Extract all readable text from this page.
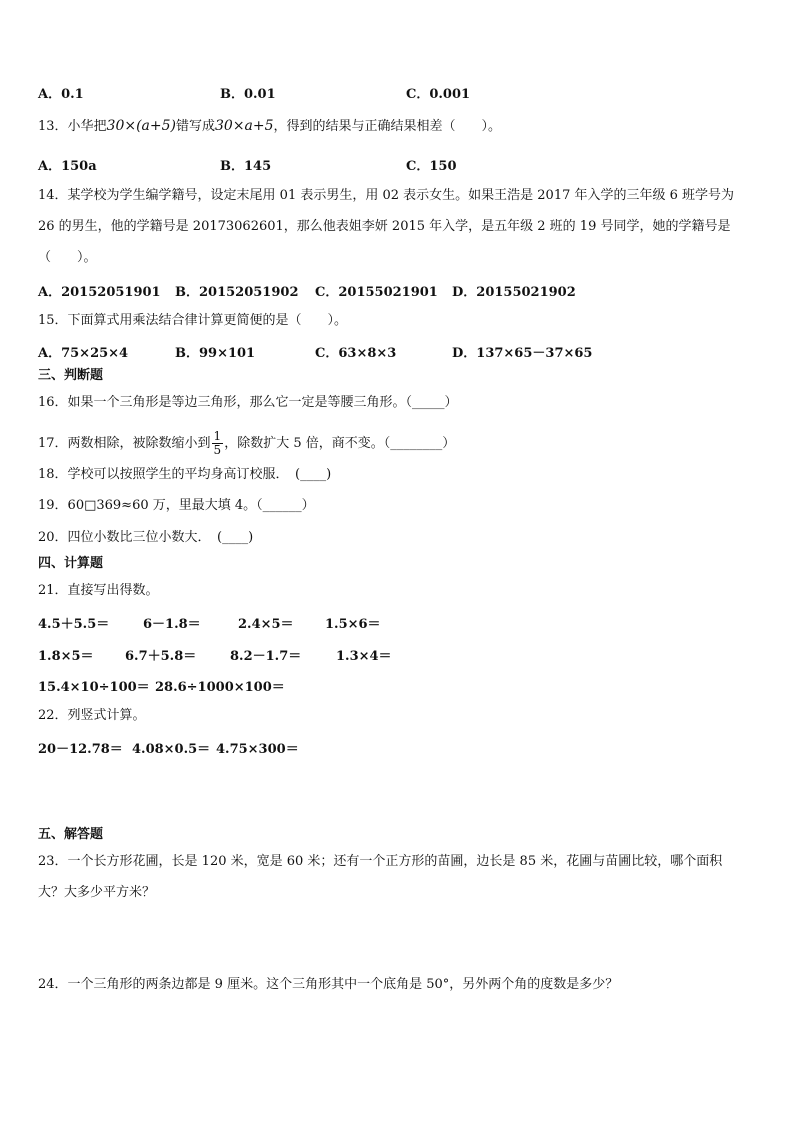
A．0.1	B．0.01	C．0.001
13．小华把30×(a+5)错写成30×a+5，得到的结果与正确结果相差（　　）。
A．150a	B．145	C．150
14．某学校为学生编学籍号，设定末尾用 01 表示男生，用 02 表示女生。如果王浩是 2017 年入学的三年级 6 班学号为
26 的男生，他的学籍号是 20173062601，那么他表姐李妍 2015 年入学，是五年级 2 班的 19 号同学，她的学籍号是
（　　）。
A．20152051901 B．20152051902 C．20155021901 D．20155021902
15．下面算式用乘法结合律计算更简便的是（　　）。
A．75×25×4	B．99×101	C．63×8×3	D．137×65－37×65
三、判断题
16．如果一个三角形是等边三角形，那么它一定是等腰三角形。（_____）
17．两数相除，被除数缩小到 $\frac{1}{5}$ ，除数扩大 5 倍，商不变。（________）
18．学校可以按照学生的平均身高订校服．　(____)
19．60□369≈60 万，里最大填 4。（______）
20．四位小数比三位小数大．　(____)
四、计算题
21．直接写出得数。
4.5＋5.5＝	6－1.8＝	2.4×5＝ 1.5×6＝
1.8×5＝ 6.7＋5.8＝	8.2－1.7＝	1.3×4＝
15.4×10÷100＝ 28.6÷1000×100＝
22．列竖式计算。
20－12.78＝ 4.08×0.5＝ 4.75×300＝
五、解答题
23．一个长方形花圃，长是 120 米，宽是 60 米；还有一个正方形的苗圃，边长是 85 米，花圃与苗圃比较，哪个面积
大？大多少平方米？
24．一个三角形的两条边都是 9 厘米。这个三角形其中一个底角是 50°，另外两个角的度数是多少？
